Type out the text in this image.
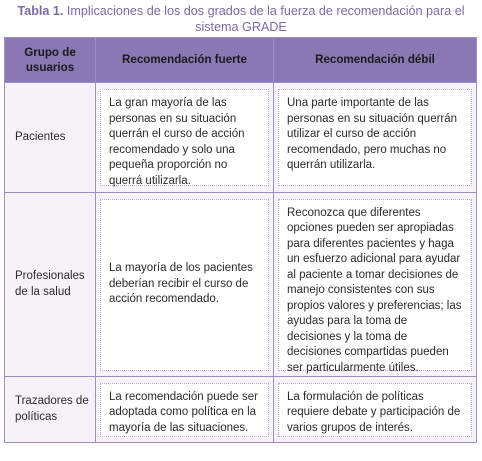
Tabla 1. Implicaciones de los dos grados de la fuerza de recomendación para el sistema GRADE
Grupo de usuarios	Recomendación fuerte	Recomendación débil
Pacientes	La gran mayoría de las personas en su situación querrán el curso de acción recomendado y solo una pequeña proporción no querrá utilizarla.	Una parte importante de las personas en su situación querrán utilizar el curso de acción recomendado, pero muchas no querrán utilizarla.

Profesionales de la salud	La mayoría de los pacientes deberían recibir el curso de acción recomendado.	Reconozca que diferentes opciones pueden ser apropiadas para diferentes pacientes y haga un esfuerzo adicional para ayudar al paciente a tomar decisiones de manejo consistentes con sus propios valores y preferencias; las ayudas para la toma de decisiones y la toma de decisiones compartidas pueden ser particularmente útiles.

Trazadores de políticas	La recomendación puede ser adoptada como política en la mayoría de las situaciones.	La formulación de políticas requiere debate y participación de varios grupos de interés.
